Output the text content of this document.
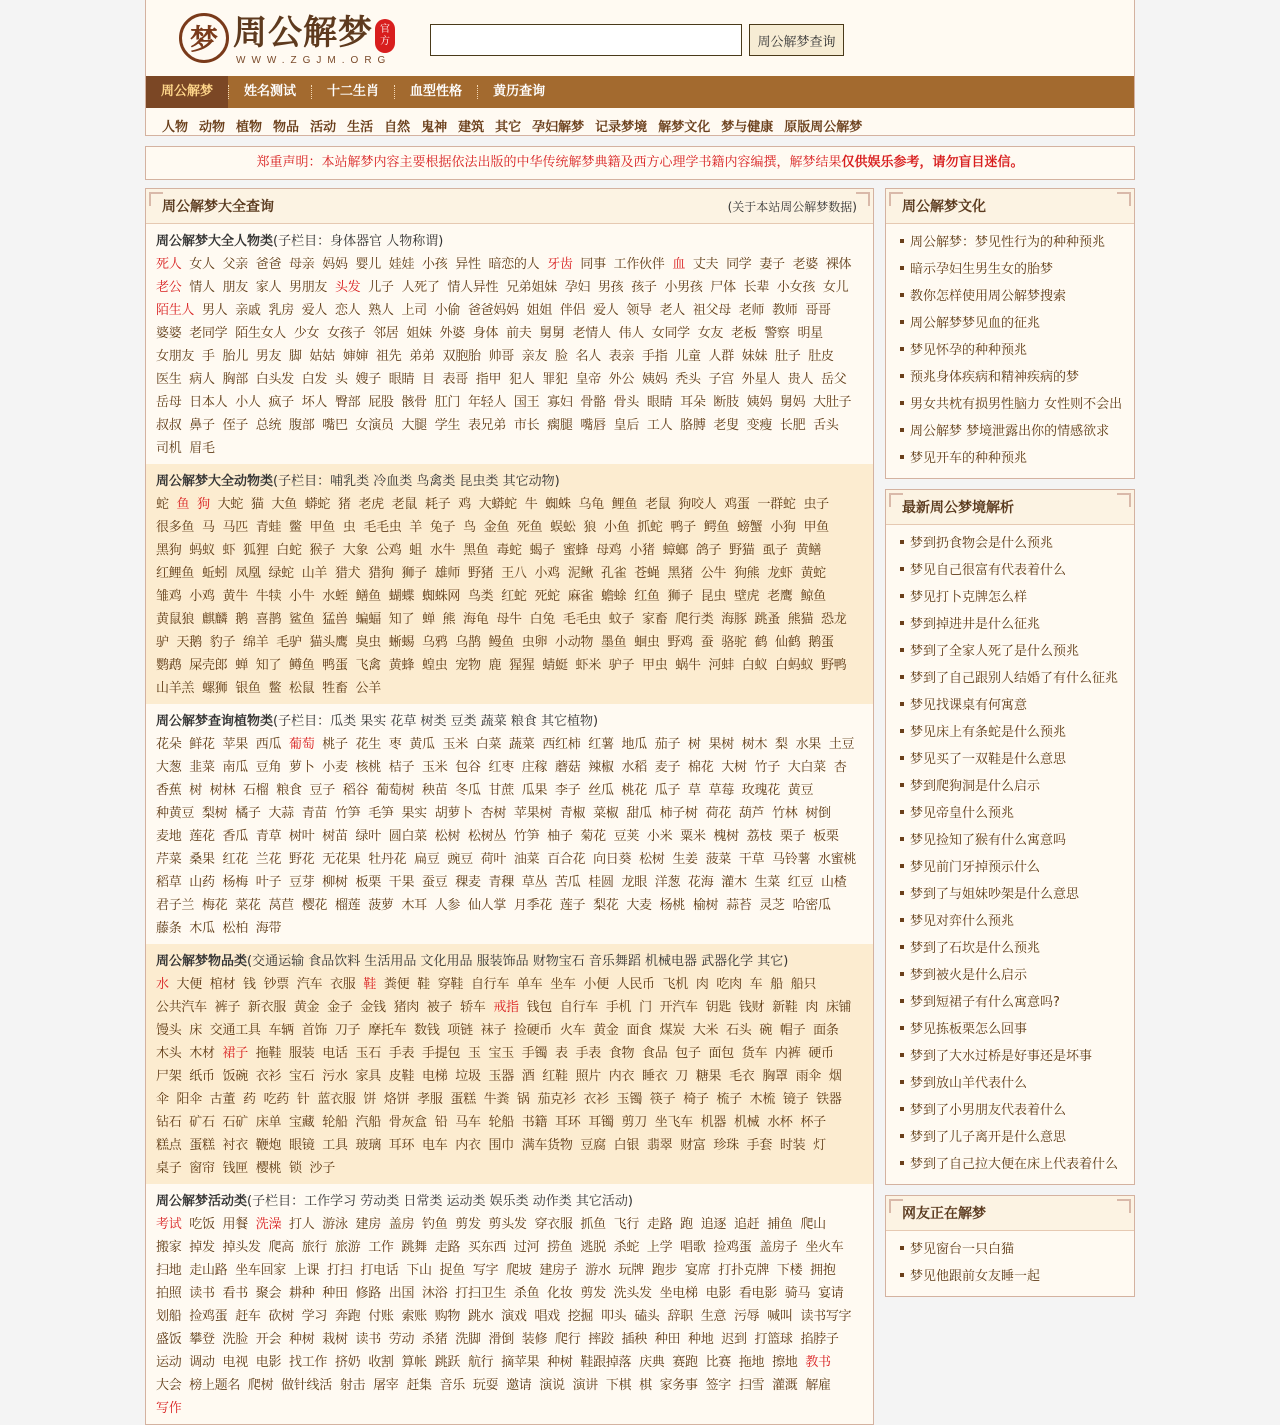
梦 周公解梦 官
方
WWW.ZGJM.ORG
周公解梦查询
周公解梦	姓名测试	十二生肖	血型性格	黄历查询
人物 动物 植物 物品 活动 生活 自然 鬼神 建筑 其它 孕妇解梦 记录梦境 解梦文化 梦与健康 原版周公解梦
郑重声明：本站解梦内容主要根据依法出版的中华传统解梦典籍及西方心理学书籍内容编撰，解梦结果仅供娱乐参考，请勿盲目迷信。
周公解梦大全查询	(关于本站周公解梦数据)
周公解梦大全人物类(子栏目：身体器官 人物称谓)
死人 女人 父亲 爸爸 母亲 妈妈 婴儿 娃娃 小孩 异性 暗恋的人 牙齿 同事 工作伙伴 血 丈夫 同学 妻子 老婆 裸体 老公 情人 朋友 家人 男朋友 头发 儿子 人死了 情人异性 兄弟姐妹 孕妇 男孩 孩子 小男孩 尸体 长辈 小女孩 女儿 陌生人 男人 亲戚 乳房 爱人 恋人 熟人 上司 小偷 爸爸妈妈 姐姐 伴侣 爱人 领导 老人 祖父母 老师 教师 哥哥 婆婆 老同学 陌生女人 少女 女孩子 邻居 姐妹 外婆 身体 前夫 舅舅 老情人 伟人 女同学 女友 老板 警察 明星 女朋友 手 胎儿 男友 脚 姑姑 婶婶 祖先 弟弟 双胞胎 帅哥 亲友 脸 名人 表亲 手指 儿童 人群 妹妹 肚子 肚皮 医生 病人 胸部 白头发 白发 头 嫂子 眼睛 目 表哥 指甲 犯人 罪犯 皇帝 外公 姨妈 秃头 子宫 外星人 贵人 岳父 岳母 日本人 小人 疯子 坏人 臀部 屁股 骸骨 肛门 年轻人 国王 寡妇 骨骼 骨头 眼睛 耳朵 断肢 姨妈 舅妈 大肚子 叔叔 鼻子 侄子 总统 腹部 嘴巴 女演员 大腿 学生 表兄弟 市长 瘸腿 嘴唇 皇后 工人 胳膊 老叟 变瘦 长肥 舌头 司机 眉毛
周公解梦大全动物类(子栏目：哺乳类 冷血类 鸟禽类 昆虫类 其它动物)
蛇 鱼 狗 大蛇 猫 大鱼 蟒蛇 猪 老虎 老鼠 耗子 鸡 大蟒蛇 牛 蜘蛛 乌龟 鲤鱼 老鼠 狗咬人 鸡蛋 一群蛇 虫子 很多鱼 马 马匹 青蛙 鳖 甲鱼 虫 毛毛虫 羊 兔子 鸟 金鱼 死鱼 蜈蚣 狼 小鱼 抓蛇 鸭子 鳄鱼 螃蟹 小狗 甲鱼 黑狗 蚂蚁 虾 狐狸 白蛇 猴子 大象 公鸡 蛆 水牛 黑鱼 毒蛇 蝎子 蜜蜂 母鸡 小猪 蟑螂 鸽子 野猫 虱子 黄鳝 红鲤鱼 蚯蚓 凤凰 绿蛇 山羊 猎犬 猎狗 狮子 雄师 野猪 王八 小鸡 泥鳅 孔雀 苍蝇 黑猪 公牛 狗熊 龙虾 黄蛇 雏鸡 小鸡 黄牛 牛犊 小牛 水蛭 鳝鱼 蝴蝶 蜘蛛网 鸟类 红蛇 死蛇 麻雀 蟾蜍 红鱼 狮子 昆虫 壁虎 老鹰 鲸鱼 黄鼠狼 麒麟 鹅 喜鹊 鲨鱼 猛兽 蝙蝠 知了 蝉 熊 海龟 母牛 白兔 毛毛虫 蚊子 家畜 爬行类 海豚 跳蚤 熊猫 恐龙 驴 天鹅 豹子 绵羊 毛驴 猫头鹰 臭虫 蜥蜴 乌鸦 乌鹊 鳗鱼 虫卵 小动物 墨鱼 蛔虫 野鸡 蚕 骆驼 鹤 仙鹤 鹅蛋 鹦鹉 屎壳郎 蝉 知了 鳟鱼 鸭蛋 飞禽 黄蜂 蝗虫 宠物 鹿 猩猩 蜻蜓 虾米 驴子 甲虫 蜗牛 河蚌 白蚁 白蚂蚁 野鸭 山羊羔 螺狮 银鱼 鳖 松鼠 牲畜 公羊
周公解梦查询植物类(子栏目：瓜类 果实 花草 树类 豆类 蔬菜 粮食 其它植物)
花朵 鲜花 苹果 西瓜 葡萄 桃子 花生 枣 黄瓜 玉米 白菜 蔬菜 西红柿 红薯 地瓜 茄子 树 果树 树木 梨 水果 土豆 大葱 韭菜 南瓜 豆角 萝卜 小麦 核桃 桔子 玉米 包谷 红枣 庄稼 蘑菇 辣椒 水稻 麦子 棉花 大树 竹子 大白菜 杏 香蕉 树 树林 石榴 粮食 豆子 稻谷 葡萄树 秧苗 冬瓜 甘蔗 瓜果 李子 丝瓜 桃花 瓜子 草 草莓 玫瑰花 黄豆 种黄豆 梨树 橘子 大蒜 青苗 竹笋 毛笋 果实 胡萝卜 杏树 苹果树 青椒 菜椒 甜瓜 柿子树 荷花 葫芦 竹林 树倒 麦地 莲花 香瓜 青草 树叶 树苗 绿叶 圆白菜 松树 松树丛 竹笋 柚子 菊花 豆荚 小米 粟米 槐树 荔枝 栗子 板栗 芹菜 桑果 红花 兰花 野花 无花果 牡丹花 扁豆 豌豆 荷叶 油菜 百合花 向日葵 松树 生姜 菠菜 干草 马铃薯 水蜜桃 稻草 山药 杨梅 叶子 豆芽 柳树 板栗 干果 蚕豆 稞麦 青稞 草丛 苦瓜 桂圆 龙眼 洋葱 花海 灌木 生菜 红豆 山楂 君子兰 梅花 菜花 莴苣 樱花 榴莲 菠萝 木耳 人参 仙人掌 月季花 莲子 梨花 大麦 杨桃 榆树 蒜苔 灵芝 哈密瓜 藤条 木瓜 松柏 海带
周公解梦物品类(交通运输 食品饮料 生活用品 文化用品 服装饰品 财物宝石 音乐舞蹈 机械电器 武器化学 其它)
水 大便 棺材 钱 钞票 汽车 衣服 鞋 粪便 鞋 穿鞋 自行车 单车 坐车 小便 人民币 飞机 肉 吃肉 车 船 船只 公共汽车 裤子 新衣服 黄金 金子 金钱 猪肉 被子 轿车 戒指 钱包 自行车 手机 门 开汽车 钥匙 钱财 新鞋 肉 床铺 馒头 床 交通工具 车辆 首饰 刀子 摩托车 数钱 项链 袜子 捡硬币 火车 黄金 面食 煤炭 大米 石头 碗 帽子 面条 木头 木材 裙子 拖鞋 服装 电话 玉石 手表 手提包 玉 宝玉 手镯 表 手表 食物 食品 包子 面包 货车 内裤 硬币 尸架 纸币 饭碗 衣衫 宝石 污水 家具 皮鞋 电梯 垃圾 玉器 酒 红鞋 照片 内衣 睡衣 刀 糖果 毛衣 胸罩 雨伞 烟 伞 阳伞 古董 药 吃药 针 蓝衣服 饼 烙饼 孝服 蛋糕 牛粪 锅 茄克衫 衣衫 玉镯 筷子 椅子 梳子 木梳 镜子 铁器 钻石 矿石 石矿 床单 宝藏 轮船 汽船 骨灰盒 铅 马车 轮船 书籍 耳环 耳镯 剪刀 坐飞车 机器 机械 水杯 杯子 糕点 蛋糕 衬衣 鞭炮 眼镜 工具 玻璃 耳环 电车 内衣 围巾 满车货物 豆腐 白银 翡翠 财富 珍珠 手套 时装 灯 桌子 窗帘 钱匣 樱桃 锁 沙子
周公解梦活动类(子栏目：工作学习 劳动类 日常类 运动类 娱乐类 动作类 其它活动)
考试 吃饭 用餐 洗澡 打人 游泳 建房 盖房 钓鱼 剪发 剪头发 穿衣服 抓鱼 飞行 走路 跑 追逐 追赶 捕鱼 爬山 搬家 掉发 掉头发 爬高 旅行 旅游 工作 跳舞 走路 买东西 过河 捞鱼 逃脱 杀蛇 上学 唱歌 捡鸡蛋 盖房子 坐火车 扫地 走山路 坐车回家 上课 打扫 打电话 下山 捉鱼 写字 爬坡 建房子 游水 玩牌 跑步 宴席 打扑克牌 下楼 拥抱 拍照 读书 看书 聚会 耕种 种田 修路 出国 沐浴 打扫卫生 杀鱼 化妆 剪发 洗头发 坐电梯 电影 看电影 骑马 宴请 划船 捡鸡蛋 赶车 砍树 学习 奔跑 付账 索账 购物 跳水 演戏 唱戏 挖掘 叩头 磕头 辞职 生意 污辱 喊叫 读书写字 盛饭 攀登 洗脸 开会 种树 栽树 读书 劳动 杀猪 洗脚 滑倒 装修 爬行 摔跤 插秧 种田 种地 迟到 打篮球 掐脖子 运动 调动 电视 电影 找工作 挤奶 收割 算帐 跳跃 航行 摘苹果 种树 鞋跟掉落 庆典 赛跑 比赛 拖地 擦地 教书 大会 榜上题名 爬树 做针线活 射击 屠宰 赶集 音乐 玩耍 邀请 演说 演讲 下棋 棋 家务事 签字 扫雪 灌溉 解雇 写作
周公解梦文化
周公解梦：梦见性行为的种种预兆
暗示孕妇生男生女的胎梦
教你怎样使用周公解梦搜索
周公解梦梦见血的征兆
梦见怀孕的种种预兆
预兆身体疾病和精神疾病的梦
男女共枕有损男性脑力 女性则不会出
周公解梦 梦境泄露出你的情感欲求
梦见开车的种种预兆
最新周公梦境解析
梦到扔食物会是什么预兆
梦见自己很富有代表着什么
梦见打卜克牌怎么样
梦到掉进井是什么征兆
梦到了全家人死了是什么预兆
梦到了自己跟别人结婚了有什么征兆
梦见找课桌有何寓意
梦见床上有条蛇是什么预兆
梦见买了一双鞋是什么意思
梦到爬狗洞是什么启示
梦见帝皇什么预兆
梦见捡知了猴有什么寓意吗
梦见前门牙掉预示什么
梦到了与姐妹吵架是什么意思
梦见对弈什么预兆
梦到了石坎是什么预兆
梦到被火是什么启示
梦到短裙子有什么寓意吗?
梦见拣板栗怎么回事
梦到了大水过桥是好事还是坏事
梦到放山羊代表什么
梦到了小男朋友代表着什么
梦到了儿子离开是什么意思
梦到了自己拉大便在床上代表着什么
网友正在解梦
梦见窗台一只白猫
梦见他跟前女友睡一起
